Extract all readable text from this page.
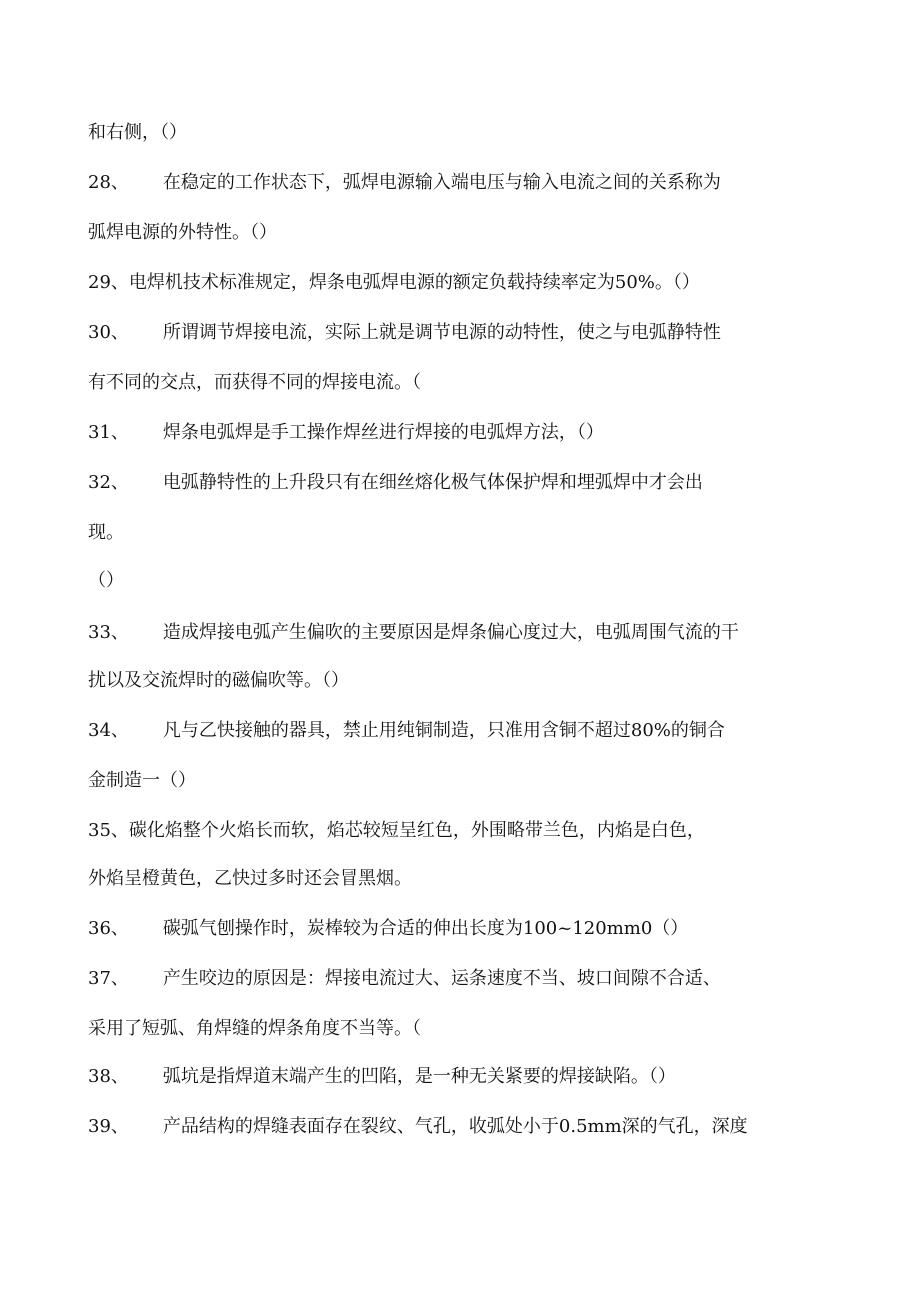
和右侧，（）
28、 在稳定的工作状态下，弧焊电源输入端电压与输入电流之间的关系称为
弧焊电源的外特性。（）
29、电焊机技术标准规定，焊条电弧焊电源的额定负载持续率定为50%。（）
30、 所谓调节焊接电流，实际上就是调节电源的动特性，使之与电弧静特性
有不同的交点，而获得不同的焊接电流。（
31、 焊条电弧焊是手工操作焊丝进行焊接的电弧焊方法，（）
32、 电弧静特性的上升段只有在细丝熔化极气体保护焊和埋弧焊中才会出
现。
（）
33、 造成焊接电弧产生偏吹的主要原因是焊条偏心度过大，电弧周围气流的干
扰以及交流焊时的磁偏吹等。（）
34、 凡与乙快接触的器具，禁止用纯铜制造，只准用含铜不超过80%的铜合
金制造一（）
35、碳化焰整个火焰长而软，焰芯较短呈红色，外围略带兰色，内焰是白色，
外焰呈橙黄色，乙快过多时还会冒黑烟。
36、 碳弧气刨操作时，炭棒较为合适的伸出长度为100~120mm0（）
37、 产生咬边的原因是：焊接电流过大、运条速度不当、坡口间隙不合适、
采用了短弧、角焊缝的焊条角度不当等。（
38、 弧坑是指焊道末端产生的凹陷，是一种无关紧要的焊接缺陷。（）
39、 产品结构的焊缝表面存在裂纹、气孔，收弧处小于0.5mm深的气孔，深度
